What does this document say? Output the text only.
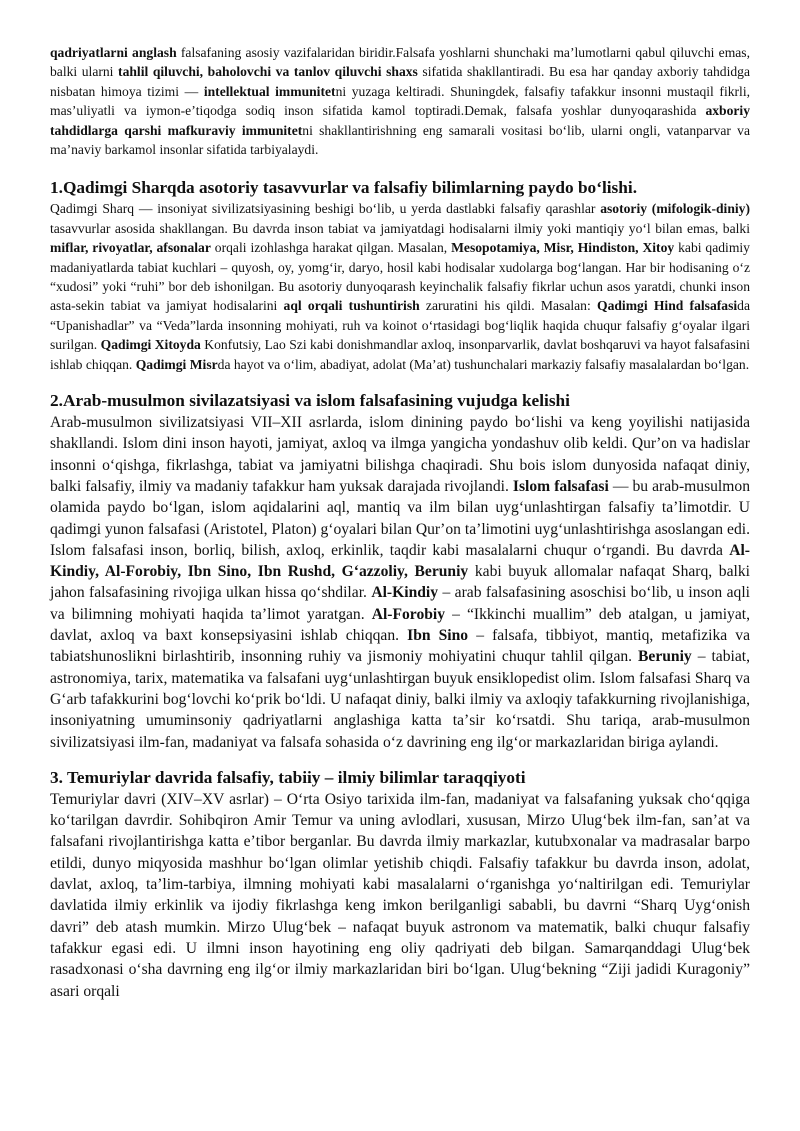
qadriyatlarni anglash falsafaning asosiy vazifalaridan biridir.Falsafa yoshlarni shunchaki maʼlumotlarni qabul qiluvchi emas, balki ularni tahlil qiluvchi, baholovchi va tanlov qiluvchi shaxs sifatida shakllantiradi. Bu esa har qanday axboriy tahdidga nisbatan himoya tizimi — intellektual immunitetni yuzaga keltiradi. Shuningdek, falsafiy tafakkur insonni mustaqil fikrli, masʼuliyatli va iymon-eʼtiqodga sodiq inson sifatida kamol toptiradi.Demak, falsafa yoshlar dunyoqarashida axboriy tahdidlarga qarshi mafkuraviy immunitetni shakllantirishning eng samarali vositasi boʻlib, ularni ongli, vatanparvar va maʼnaviy barkamol insonlar sifatida tarbiyalaydi.

1.Qadimgi Sharqda asotoriy tasavvurlar va falsafiy bilimlarning paydo boʻlishi.

Qadimgi Sharq — insoniyat sivilizatsiyasining beshigi boʻlib, u yerda dastlabki falsafiy qarashlar asotoriy (mifologik-diniy) tasavvurlar asosida shakllangan. Bu davrda inson tabiat va jamiyatdagi hodisalarni ilmiy yoki mantiqiy yoʻl bilan emas, balki miflar, rivoyatlar, afsonalar orqali izohlashga harakat qilgan. Masalan, Mesopotamiya, Misr, Hindiston, Xitoy kabi qadimiy madaniyatlarda tabiat kuchlari – quyosh, oy, yomgʻir, daryo, hosil kabi hodisalar xudolarga bogʻlangan. Har bir hodisaning oʻz “xudosi” yoki “ruhi” bor deb ishonilgan. Bu asotoriy dunyoqarash keyinchalik falsafiy fikrlar uchun asos yaratdi, chunki inson asta-sekin tabiat va jamiyat hodisalarini aql orqali tushuntirish zaruratini his qildi. Masalan: Qadimgi Hind falsafasida “Upanishadlar” va “Veda”larda insonning mohiyati, ruh va koinot oʻrtasidagi bogʻliqlik haqida chuqur falsafiy gʻoyalar ilgari surilgan. Qadimgi Xitoyda Konfutsiy, Lao Szi kabi donishmandlar axloq, insonparvarlik, davlat boshqaruvi va hayot falsafasini ishlab chiqqan. Qadimgi Misrda hayot va oʻlim, abadiyat, adolat (Maʼat) tushunchalari markaziy falsafiy masalalardan boʻlgan.

2.Arab-musulmon sivilazatsiyasi va islom falsafasining vujudga kelishi

Arab-musulmon sivilizatsiyasi VII–XII asrlarda, islom dinining paydo boʻlishi va keng yoyilishi natijasida shakllandi. Islom dini inson hayoti, jamiyat, axloq va ilmga yangicha yondashuv olib keldi. Qurʼon va hadislar insonni oʻqishga, fikrlashga, tabiat va jamiyatni bilishga chaqiradi. Shu bois islom dunyosida nafaqat diniy, balki falsafiy, ilmiy va madaniy tafakkur ham yuksak darajada rivojlandi. Islom falsafasi — bu arab-musulmon olamida paydo boʻlgan, islom aqidalarini aql, mantiq va ilm bilan uygʻunlashtirgan falsafiy taʼlimotdir. U qadimgi yunon falsafasi (Aristotel, Platon) gʻoyalari bilan Qurʼon taʼlimotini uygʻunlashtirishga asoslangan edi. Islom falsafasi inson, borliq, bilish, axloq, erkinlik, taqdir kabi masalalarni chuqur oʻrgandi. Bu davrda Al-Kindiy, Al-Forobiy, Ibn Sino, Ibn Rushd, Gʻazzoliy, Beruniy kabi buyuk allomalar nafaqat Sharq, balki jahon falsafasining rivojiga ulkan hissa qoʻshdilar. Al-Kindiy – arab falsafasining asoschisi boʻlib, u inson aqli va bilimning mohiyati haqida taʼlimot yaratgan. Al-Forobiy – “Ikkinchi muallim” deb atalgan, u jamiyat, davlat, axloq va baxt konsepsiyasini ishlab chiqqan. Ibn Sino – falsafa, tibbiyot, mantiq, metafizika va tabiatshunoslikni birlashtirib, insonning ruhiy va jismoniy mohiyatini chuqur tahlil qilgan. Beruniy – tabiat, astronomiya, tarix, matematika va falsafani uygʻunlashtirgan buyuk ensiklopedist olim. Islom falsafasi Sharq va Gʻarb tafakkurini bogʻlovchi koʻprik boʻldi. U nafaqat diniy, balki ilmiy va axloqiy tafakkurning rivojlanishiga, insoniyatning umuminsoniy qadriyatlarni anglashiga katta taʼsir koʻrsatdi. Shu tariqa, arab-musulmon sivilizatsiyasi ilm-fan, madaniyat va falsafa sohasida oʻz davrining eng ilgʻor markazlaridan biriga aylandi.

3. Temuriylar davrida falsafiy, tabiiy – ilmiy bilimlar taraqqiyoti

Temuriylar davri (XIV–XV asrlar) – Oʻrta Osiyo tarixida ilm-fan, madaniyat va falsafaning yuksak choʻqqiga koʻtarilgan davrdir. Sohibqiron Amir Temur va uning avlodlari, xususan, Mirzo Ulugʻbek ilm-fan, sanʼat va falsafani rivojlantirishga katta eʼtibor berganlar. Bu davrda ilmiy markazlar, kutubxonalar va madrasalar barpo etildi, dunyo miqyosida mashhur boʻlgan olimlar yetishib chiqdi. Falsafiy tafakkur bu davrda inson, adolat, davlat, axloq, taʼlim-tarbiya, ilmning mohiyati kabi masalalarni oʻrganishga yoʻnaltirilgan edi. Temuriylar davlatida ilmiy erkinlik va ijodiy fikrlashga keng imkon berilganligi sababli, bu davrni “Sharq Uygʻonish davri” deb atash mumkin. Mirzo Ulugʻbek – nafaqat buyuk astronom va matematik, balki chuqur falsafiy tafakkur egasi edi. U ilmni inson hayotining eng oliy qadriyati deb bilgan. Samarqanddagi Ulugʻbek rasadxonasi oʻsha davrning eng ilgʻor ilmiy markazlaridan biri boʻlgan. Ulugʻbekning “Ziji jadidi Kuragoniy” asari orqali
